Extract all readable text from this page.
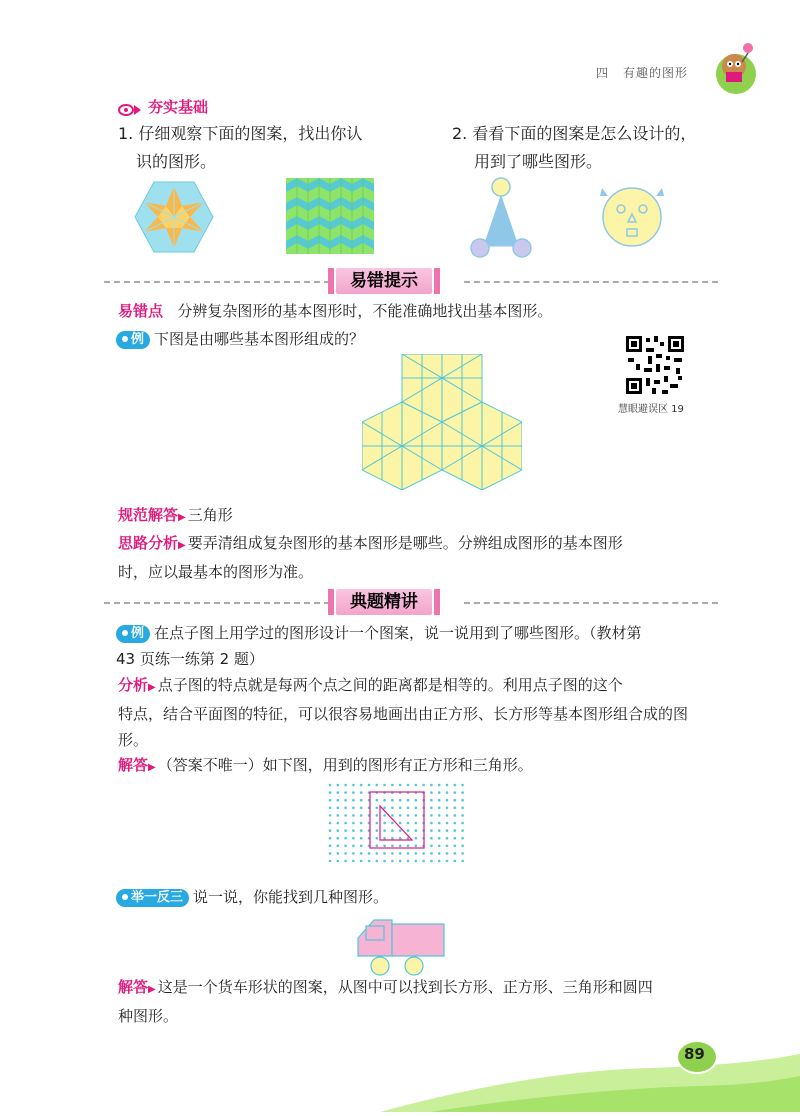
四 有趣的图形
夯实基础
1. 仔细观察下面的图案，找出你认
识的图形。
2. 看看下面的图案是怎么设计的，
用到了哪些图形。
易错提示
易错点 分辨复杂图形的基本图形时，不能准确地找出基本图形。
例 下图是由哪些基本图形组成的？
慧眼避误区 19
规范解答▶ 三角形
思路分析▶ 要弄清组成复杂图形的基本图形是哪些。分辨组成图形的基本图形
时，应以最基本的图形为准。
典题精讲
例 在点子图上用学过的图形设计一个图案，说一说用到了哪些图形。（教材第
43 页练一练第 2 题）
分析▶ 点子图的特点就是每两个点之间的距离都是相等的。利用点子图的这个
特点，结合平面图的特征，可以很容易地画出由正方形、长方形等基本图形组合成的图
形。
解答▶ （答案不唯一）如下图，用到的图形有正方形和三角形。
举一反三 说一说，你能找到几种图形。
解答▶ 这是一个货车形状的图案，从图中可以找到长方形、正方形、三角形和圆四
种图形。
89
